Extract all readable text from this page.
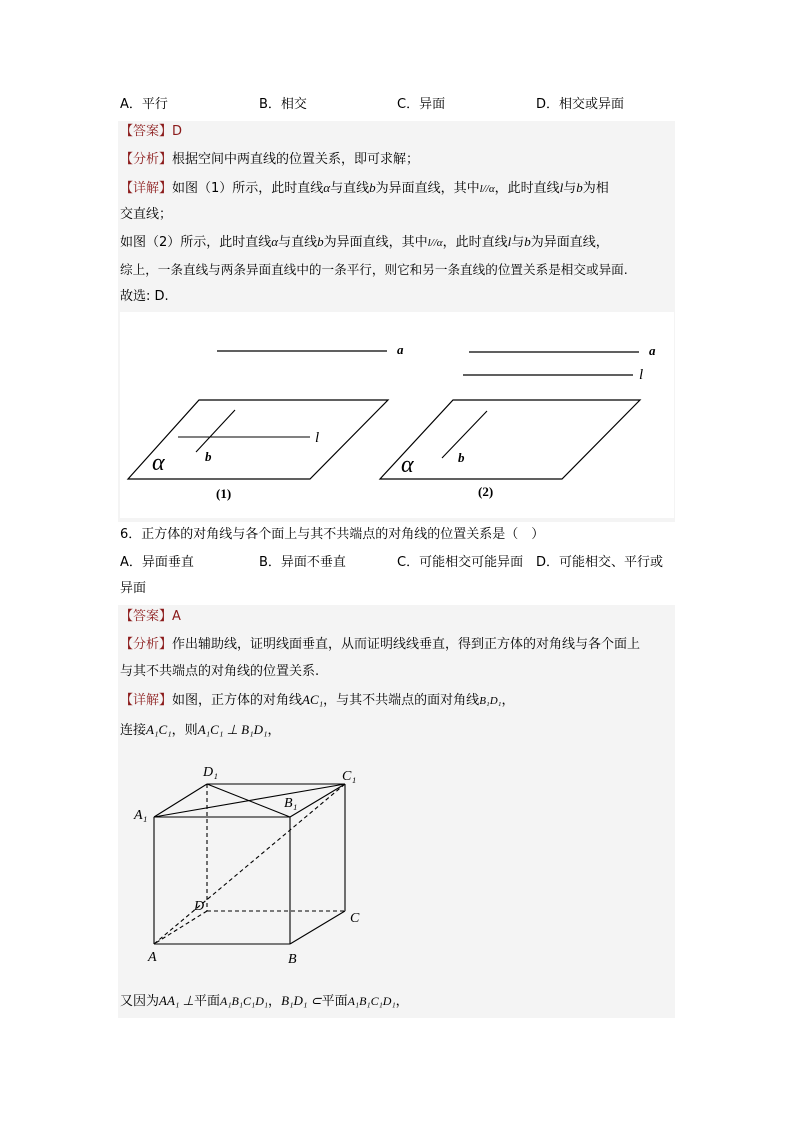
A．平行	B．相交	C．异面	D．相交或异面
【答案】D
【分析】根据空间中两直线的位置关系，即可求解；
【详解】如图（1）所示，此时直线α与直线b为异面直线，其中l//α，此时直线l与b为相
交直线；
如图（2）所示，此时直线α与直线b为异面直线，其中l//α，此时直线l与b为异面直线，
综上，一条直线与两条异面直线中的一条平行，则它和另一条直线的位置关系是相交或异面.
故选: D.
a
l
b
α
a
l
b
α
(1)	(2)
6．正方体的对角线与各个面上与其不共端点的对角线的位置关系是（　）
A．异面垂直	B．异面不垂直	C．可能相交可能异面 D．可能相交、平行或
异面
【答案】A
【分析】作出辅助线，证明线面垂直，从而证明线线垂直，得到正方体的对角线与各个面上
与其不共端点的对角线的位置关系.
【详解】如图，正方体的对角线AC₁，与其不共端点的面对角线B₁D₁，
连接A₁C₁，则A₁C₁ ⊥ B₁D₁，
D₁	C₁
A₁
B₁
D
C
A	B
又因为AA₁ ⊥平面A₁B₁C₁D₁，B₁D₁ ⊂平面A₁B₁C₁D₁，
